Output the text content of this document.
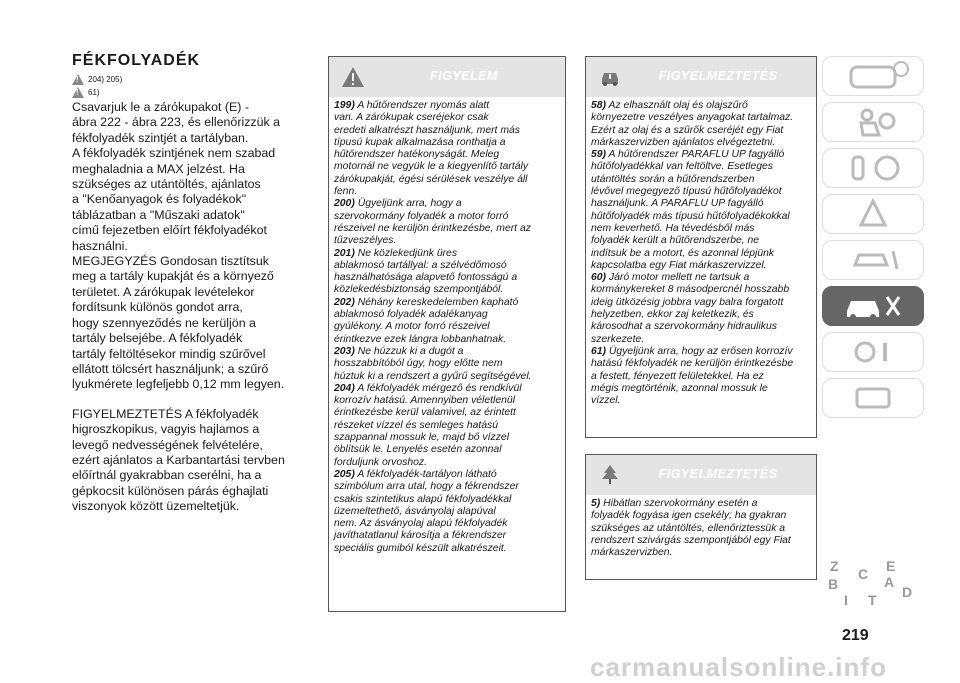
FÉKFOLYADÉK
!
204) 205)
!
61)

Csavarjuk le a zárókupakot (E) -
ábra 222 - ábra 223, és ellenőrizzük a
fékfolyadék szintjét a tartályban.

A fékfolyadék szintjének nem szabad
meghaladnia a MAX jelzést. Ha
szükséges az utántöltés, ajánlatos
a "Kenőanyagok és folyadékok"
táblázatban a "Műszaki adatok"
című fejezetben előírt fékfolyadékot
használni.

MEGJEGYZÉS Gondosan tisztítsuk
meg a tartály kupakját és a környező
területet. A zárókupak levételekor
fordítsunk különös gondot arra,
hogy szennyeződés ne kerüljön a
tartály belsejébe. A fékfolyadék
tartály feltöltésekor mindig szűrővel
ellátott tölcsért használjunk; a szűrő
lyukmérete legfeljebb 0,12 mm legyen.

FIGYELMEZTETÉS A fékfolyadék
higroszkopikus, vagyis hajlamos a
levegő nedvességének felvételére,
ezért ajánlatos a Karbantartási tervben
előírtnál gyakrabban cserélni, ha a
gépkocsit különösen párás éghajlati
viszonyok között üzemeltetjük.

FIGYELEM

199) A hűtőrendszer nyomás alatt
van. A zárókupak cseréjekor csak
eredeti alkatrészt használjunk, mert más
típusú kupak alkalmazása ronthatja a
hűtőrendszer hatékonyságát. Meleg
motornál ne vegyük le a kiegyenlítő tartály
zárókupakját, égési sérülések veszélye áll
fenn.

200) Ügyeljünk arra, hogy a
szervokormány folyadék a motor forró
részeivel ne kerüljön érintkezésbe, mert az
tűzveszélyes.

201) Ne közlekedjünk üres
ablakmosó tartállyal: a szélvédőmosó
használhatósága alapvető fontosságú a
közlekedésbiztonság szempontjából.

202) Néhány kereskedelemben kapható
ablakmosó folyadék adalékanyag
gyúlékony. A motor forró részeivel
érintkezve ezek lángra lobbanhatnak.

203) Ne húzzuk ki a dugót a
hosszabbítóból úgy, hogy előtte nem
húztuk ki a rendszert a gyűrű segítségével.

204) A fékfolyadék mérgező és rendkívül
korrozív hatású. Amennyiben véletlenül
érintkezésbe kerül valamivel, az érintett
részeket vízzel és semleges hatású
szappannal mossuk le, majd bő vízzel
öblítsük le. Lenyelés esetén azonnal
forduljunk orvoshoz.

205) A fékfolyadék-tartályon látható
szimbólum arra utal, hogy a fékrendszer
csakis szintetikus alapú fékfolyadékkal
üzemeltethető, ásványolaj alapúval
nem. Az ásványolaj alapú fékfolyadék
javíthatatlanul károsítja a fékrendszer
speciális gumiból készült alkatrészeit.

FIGYELMEZTETÉS

58) Az elhasznált olaj és olajszűrő
környezetre veszélyes anyagokat tartalmaz.
Ezért az olaj és a szűrők cseréjét egy Fiat
márkaszervizben ajánlatos elvégeztetni.

59) A hűtőrendszer PARAFLU UP fagyálló
hűtőfolyadékkal van feltöltve. Esetleges
utántöltés során a hűtőrendszerben
lévővel megegyező típusú hűtőfolyadékot
használjunk. A PARAFLU UP fagyálló
hűtőfolyadék más típusú hűtőfolyadékokkal
nem keverhető. Ha tévedésből más
folyadék került a hűtőrendszerbe, ne
indítsuk be a motort, és azonnal lépjünk
kapcsolatba egy Fiat márkaszervizzel.

60) Járó motor mellett ne tartsuk a
kormánykereket 8 másodpercnél hosszabb
ideig ütközésig jobbra vagy balra forgatott
helyzetben, ekkor zaj keletkezik, és
károsodhat a szervokormány hidraulikus
szerkezete.

61) Ügyeljünk arra, hogy az erősen korrozív
hatású fékfolyadék ne kerüljön érintkezésbe
a festett, fényezett felületekkel. Ha ez
mégis megtörténik, azonnal mossuk le
vízzel.

FIGYELMEZTETÉS

5) Hibátlan szervokormány esetén a
folyadék fogyása igen csekély; ha gyakran
szükséges az utántöltés, ellenőriztessük a
rendszert szivárgás szempontjából egy Fiat
márkaszervizben.

Z	E
B
C A
D
I T
219
carmanualsonline.info
